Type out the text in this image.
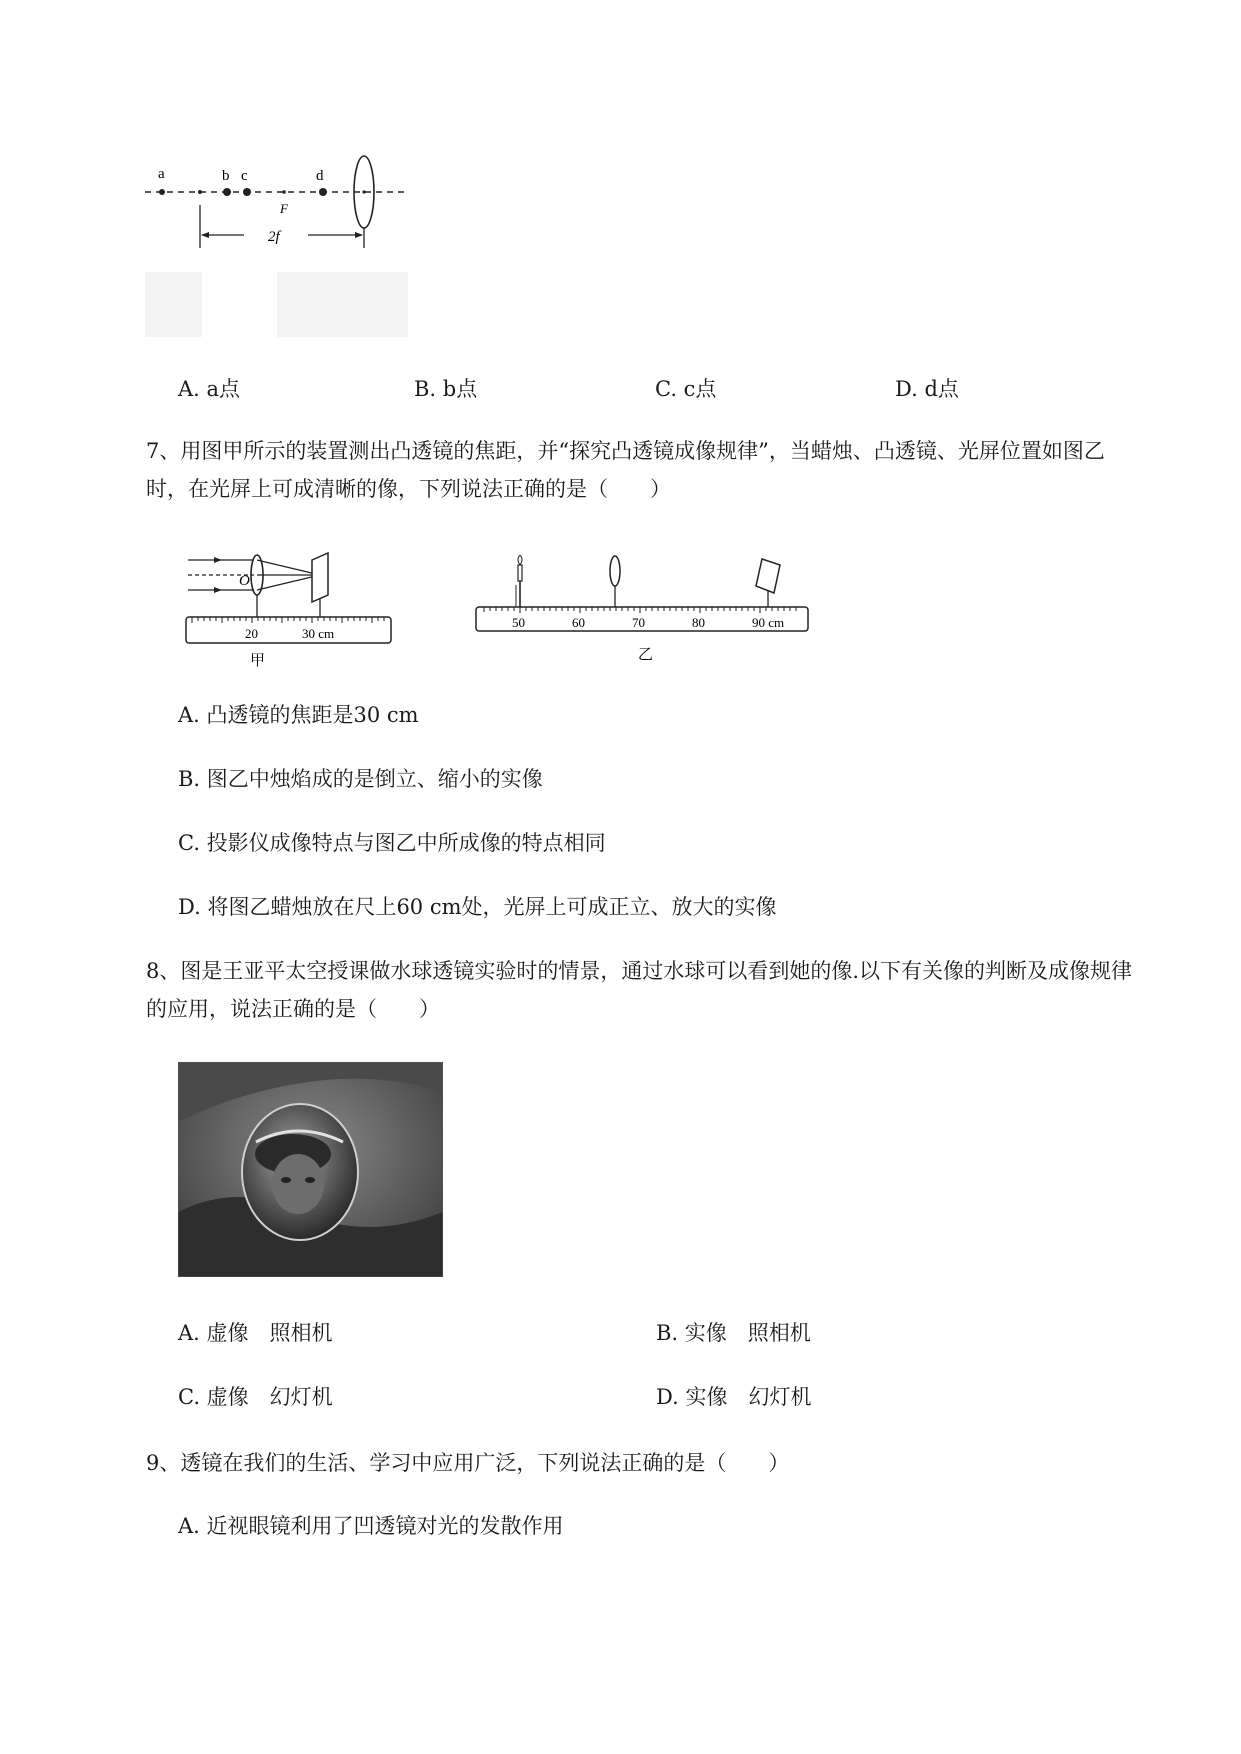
a	b c	d
F
2f
A. a点	B. b点	C. c点	D. d点
7、用图甲所示的装置测出凸透镜的焦距，并“探究凸透镜成像规律”，当蜡烛、凸透镜、光屏位置如图乙时，在光屏上可成清晰的像，下列说法正确的是（　　）
O
20	30 cm
甲
50	60	70	80	90 cm
乙
A. 凸透镜的焦距是30 cm
B. 图乙中烛焰成的是倒立、缩小的实像
C. 投影仪成像特点与图乙中所成像的特点相同
D. 将图乙蜡烛放在尺上60 cm处，光屏上可成正立、放大的实像
8、图是王亚平太空授课做水球透镜实验时的情景，通过水球可以看到她的像.以下有关像的判断及成像规律的应用，说法正确的是（　　）
A. 虚像　照相机	B. 实像　照相机
C. 虚像　幻灯机	D. 实像　幻灯机
9、透镜在我们的生活、学习中应用广泛，下列说法正确的是（　　）
A. 近视眼镜利用了凹透镜对光的发散作用
